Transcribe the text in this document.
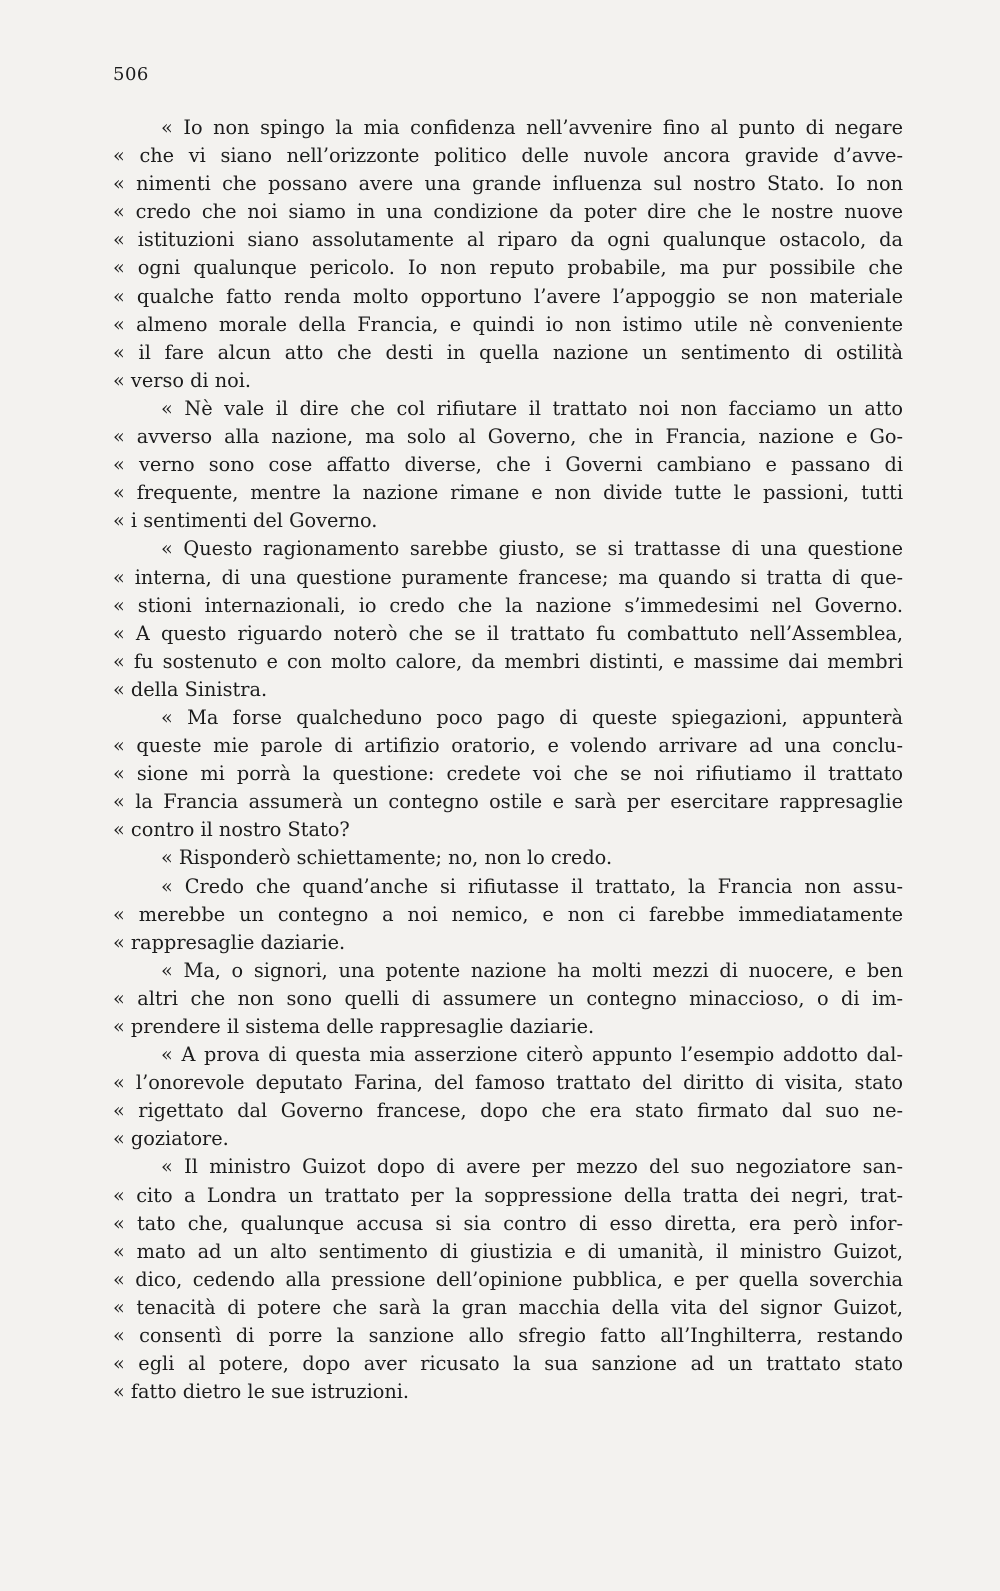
506
« Io non spingo la mia confidenza nell’avvenire fino al punto di negare
« che vi siano nell’orizzonte politico delle nuvole ancora gravide d’avve-
« nimenti che possano avere una grande influenza sul nostro Stato. Io non
« credo che noi siamo in una condizione da poter dire che le nostre nuove
« istituzioni siano assolutamente al riparo da ogni qualunque ostacolo, da
« ogni qualunque pericolo. Io non reputo probabile, ma pur possibile che
« qualche fatto renda molto opportuno l’avere l’appoggio se non materiale
« almeno morale della Francia, e quindi io non istimo utile nè conveniente
« il fare alcun atto che desti in quella nazione un sentimento di ostilità
« verso di noi.
« Nè vale il dire che col rifiutare il trattato noi non facciamo un atto
« avverso alla nazione, ma solo al Governo, che in Francia, nazione e Go-
« verno sono cose affatto diverse, che i Governi cambiano e passano di
« frequente, mentre la nazione rimane e non divide tutte le passioni, tutti
« i sentimenti del Governo.
« Questo ragionamento sarebbe giusto, se si trattasse di una questione
« interna, di una questione puramente francese; ma quando si tratta di que-
« stioni internazionali, io credo che la nazione s’immedesimi nel Governo.
« A questo riguardo noterò che se il trattato fu combattuto nell’Assemblea,
« fu sostenuto e con molto calore, da membri distinti, e massime dai membri
« della Sinistra.
« Ma forse qualcheduno poco pago di queste spiegazioni, appunterà
« queste mie parole di artifizio oratorio, e volendo arrivare ad una conclu-
« sione mi porrà la questione: credete voi che se noi rifiutiamo il trattato
« la Francia assumerà un contegno ostile e sarà per esercitare rappresaglie
« contro il nostro Stato?
« Risponderò schiettamente; no, non lo credo.
« Credo che quand’anche si rifiutasse il trattato, la Francia non assu-
« merebbe un contegno a noi nemico, e non ci farebbe immediatamente
« rappresaglie daziarie.
« Ma, o signori, una potente nazione ha molti mezzi di nuocere, e ben
« altri che non sono quelli di assumere un contegno minaccioso, o di im-
« prendere il sistema delle rappresaglie daziarie.
« A prova di questa mia asserzione citerò appunto l’esempio addotto dal-
« l’onorevole deputato Farina, del famoso trattato del diritto di visita, stato
« rigettato dal Governo francese, dopo che era stato firmato dal suo ne-
« goziatore.
« Il ministro Guizot dopo di avere per mezzo del suo negoziatore san-
« cito a Londra un trattato per la soppressione della tratta dei negri, trat-
« tato che, qualunque accusa si sia contro di esso diretta, era però infor-
« mato ad un alto sentimento di giustizia e di umanità, il ministro Guizot,
« dico, cedendo alla pressione dell’opinione pubblica, e per quella soverchia
« tenacità di potere che sarà la gran macchia della vita del signor Guizot,
« consentì di porre la sanzione allo sfregio fatto all’Inghilterra, restando
« egli al potere, dopo aver ricusato la sua sanzione ad un trattato stato
« fatto dietro le sue istruzioni.
